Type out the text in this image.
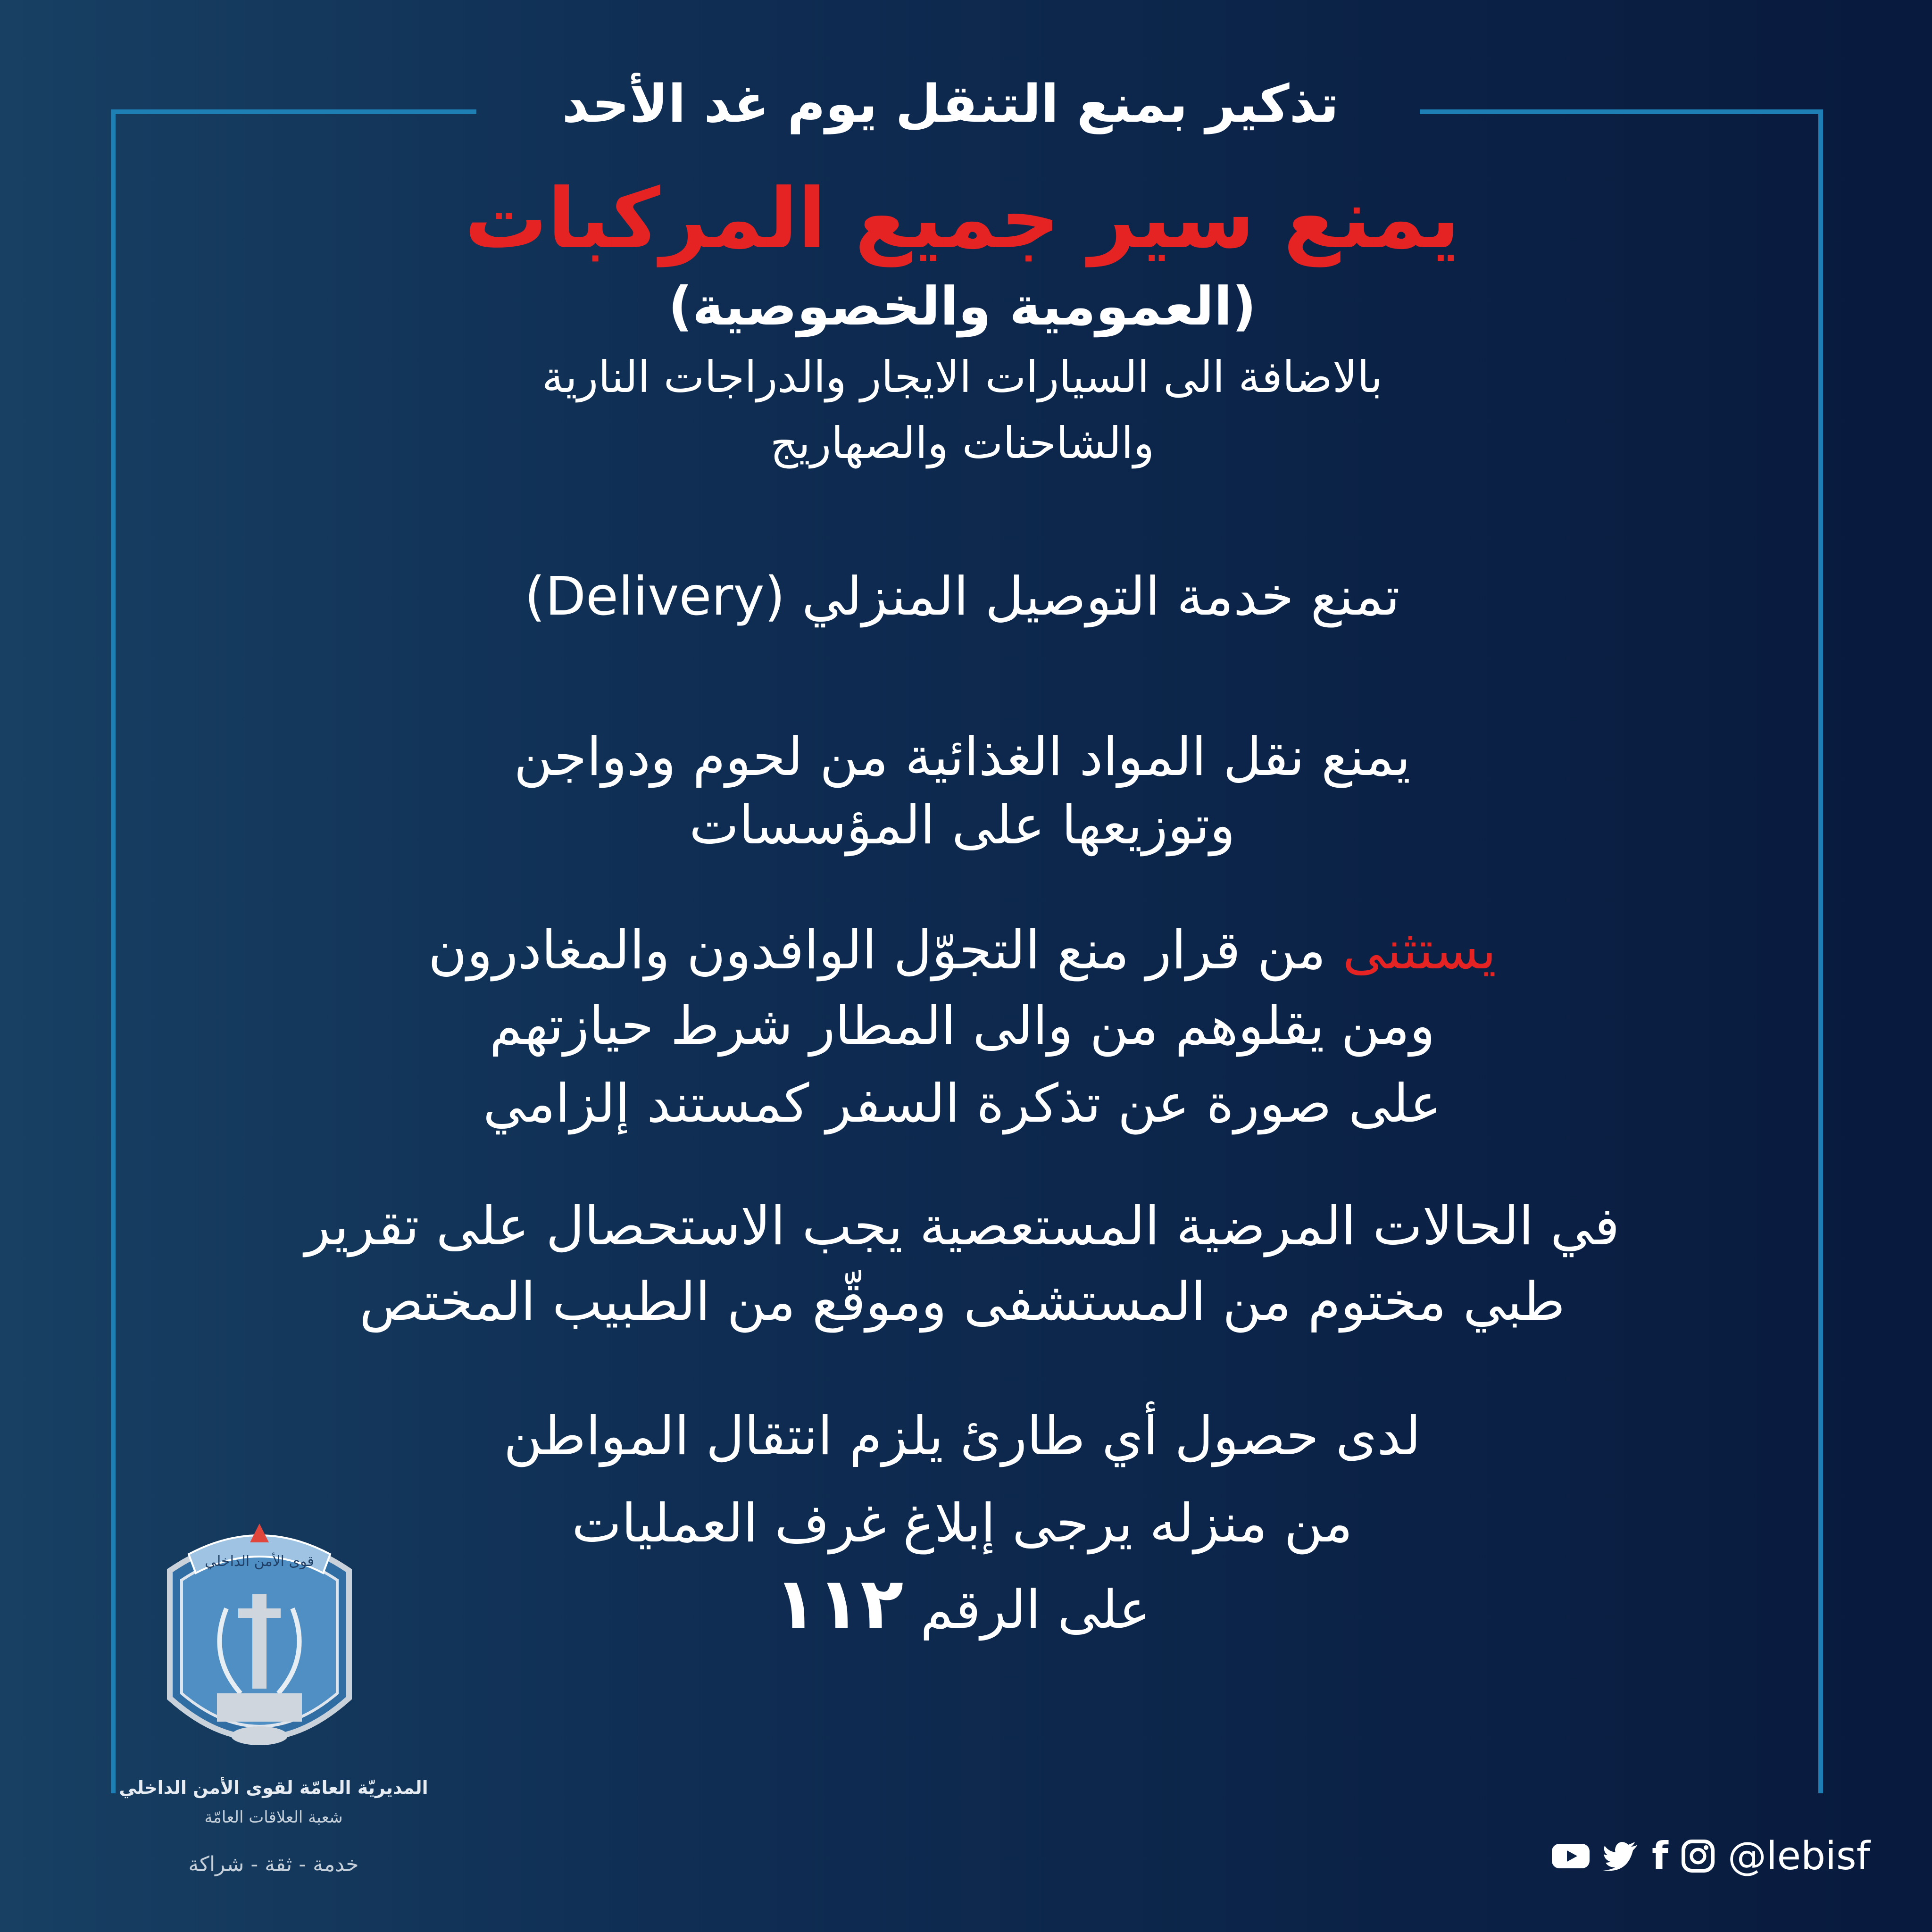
تذكير بمنع التنقل يوم غد الأحد
يمنع سير جميع المركبات
(العمومية والخصوصية)
بالاضافة الى السيارات الايجار والدراجات النارية
والشاحنات والصهاريج
تمنع خدمة التوصيل المنزلي (Delivery)
يمنع نقل المواد الغذائية من لحوم ودواجن
وتوزيعها على المؤسسات
يستثنى من قرار منع التجوّل الوافدون والمغادرون
ومن يقلوهم من والى المطار شرط حيازتهم
على صورة عن تذكرة السفر كمستند إلزامي
في الحالات المرضية المستعصية يجب الاستحصال على تقرير
طبي مختوم من المستشفى وموقّع من الطبيب المختص
لدى حصول أي طارئ يلزم انتقال المواطن
من منزله يرجى إبلاغ غرف العمليات
على الرقم ١١٢
قوى الأمن الداخلي
المديريّة العامّة لقوى الأمن الداخلي
شعبة العلاقات العامّة
خدمة - ثقة - شراكة	f @lebisf
